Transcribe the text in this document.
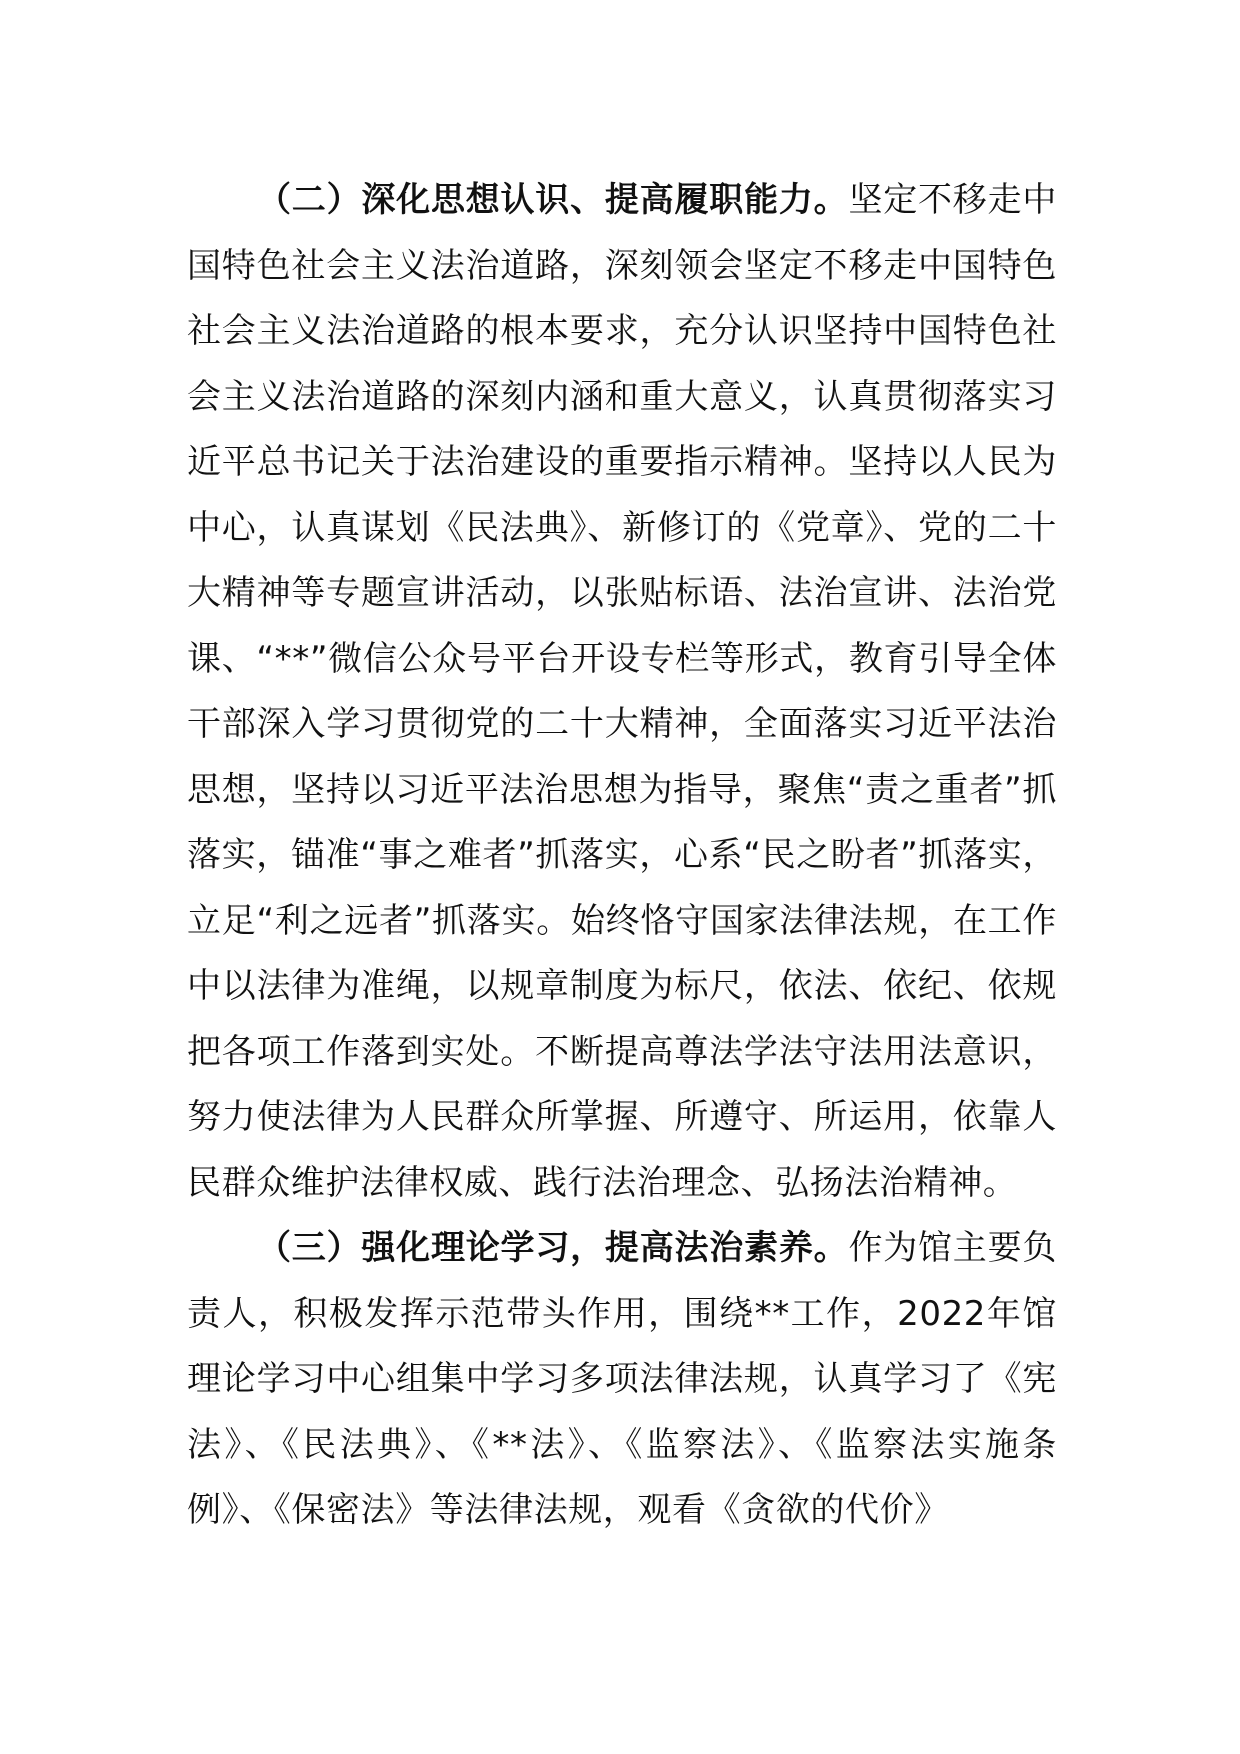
（二）深化思想认识、提高履职能力。坚定不移走中国特色社会主义法治道路，深刻领会坚定不移走中国特色社会主义法治道路的根本要求，充分认识坚持中国特色社会主义法治道路的深刻内涵和重大意义，认真贯彻落实习近平总书记关于法治建设的重要指示精神。坚持以人民为中心，认真谋划《民法典》、新修订的《党章》、党的二十大精神等专题宣讲活动，以张贴标语、法治宣讲、法治党课、“**”微信公众号平台开设专栏等形式，教育引导全体干部深入学习贯彻党的二十大精神，全面落实习近平法治思想，坚持以习近平法治思想为指导，聚焦“责之重者”抓落实，锚准“事之难者”抓落实，心系“民之盼者”抓落实，立足“利之远者”抓落实。始终恪守国家法律法规，在工作中以法律为准绳，以规章制度为标尺，依法、依纪、依规把各项工作落到实处。不断提高尊法学法守法用法意识，努力使法律为人民群众所掌握、所遵守、所运用，依靠人民群众维护法律权威、践行法治理念、弘扬法治精神。

（三）强化理论学习，提高法治素养。作为馆主要负责人，积极发挥示范带头作用，围绕**工作，2022年馆理论学习中心组集中学习多项法律法规，认真学习了《宪法》、《民法典》、《**法》、《监察法》、《监察法实施条例》、《保密法》等法律法规，观看《贪欲的代价》
